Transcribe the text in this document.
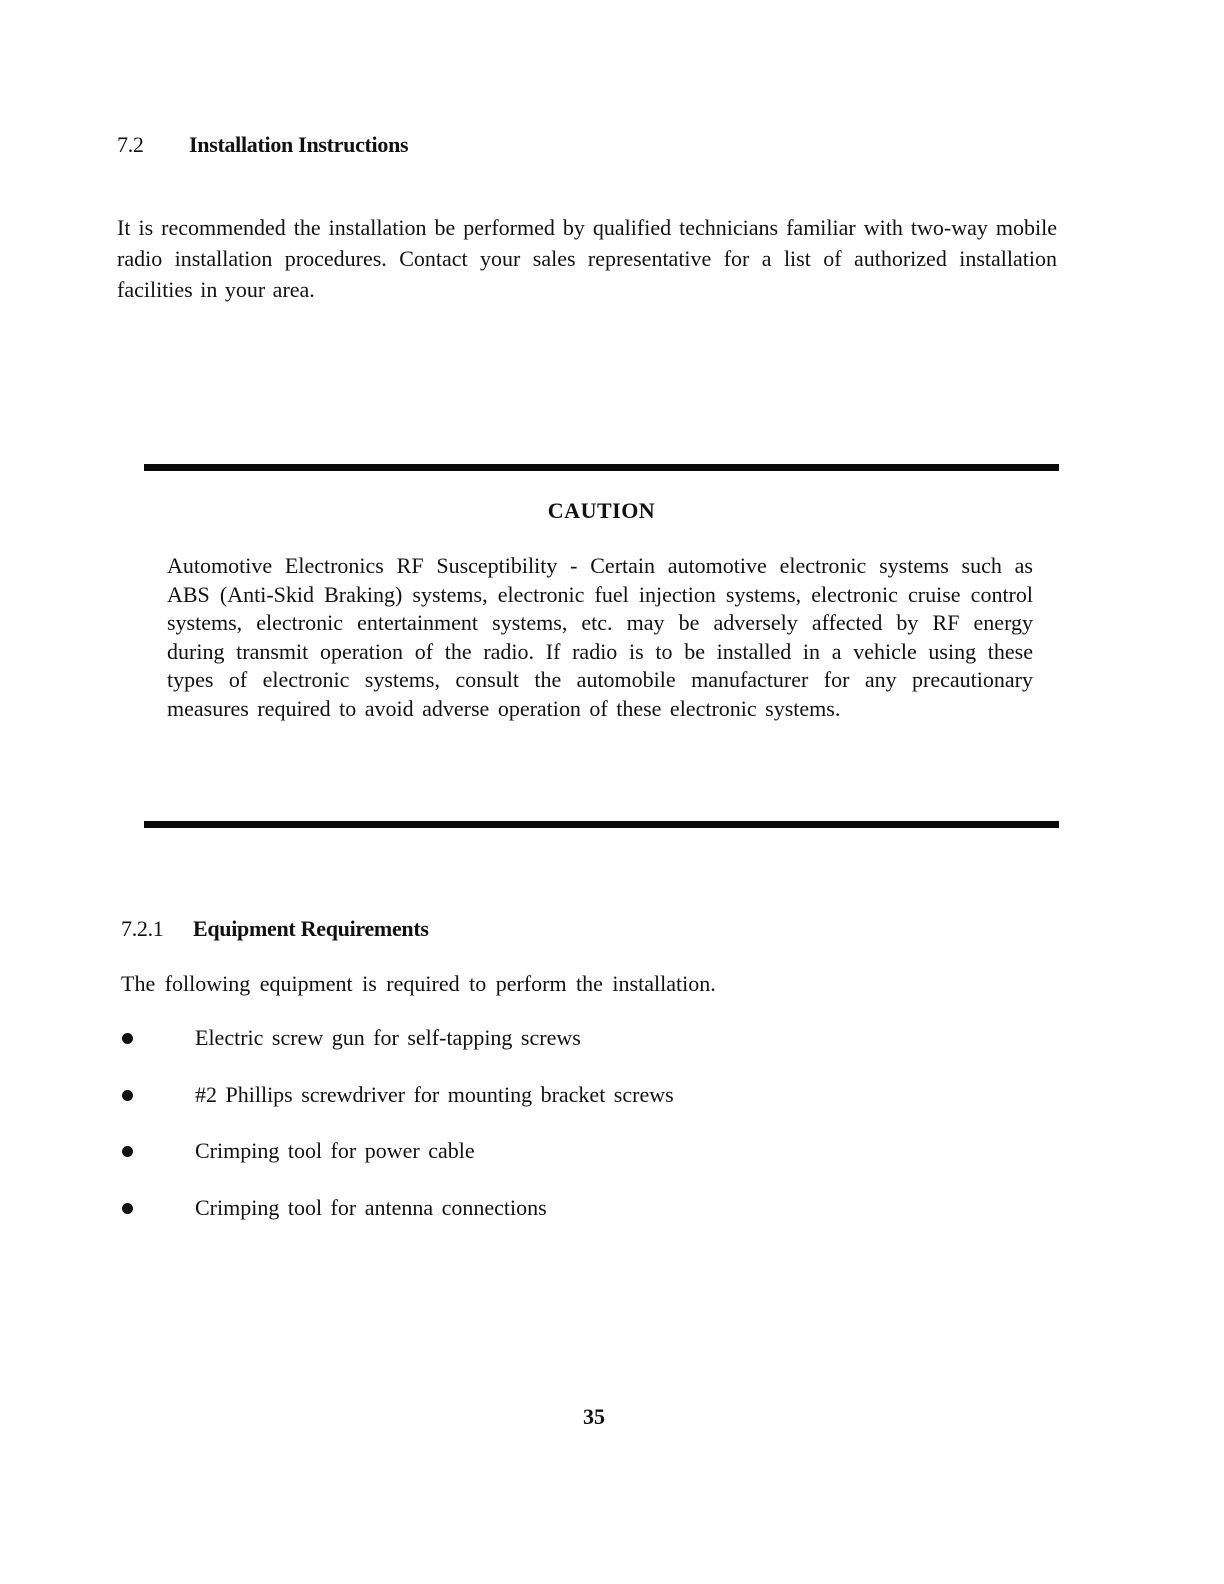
7.2 Installation Instructions
It is recommended the installation be performed by qualified technicians familiar with two-way mobile radio installation procedures. Contact your sales representative for a list of authorized installation facilities in your area.
CAUTION
Automotive Electronics RF Susceptibility - Certain automotive electronic systems such as ABS (Anti-Skid Braking) systems, electronic fuel injection systems, electronic cruise control systems, electronic entertainment systems, etc. may be adversely affected by RF energy during transmit operation of the radio. If radio is to be installed in a vehicle using these types of electronic systems, consult the automobile manufacturer for any precautionary measures required to avoid adverse operation of these electronic systems.
7.2.1 Equipment Requirements
The following equipment is required to perform the installation.
Electric screw gun for self-tapping screws
#2 Phillips screwdriver for mounting bracket screws
Crimping tool for power cable
Crimping tool for antenna connections
35
